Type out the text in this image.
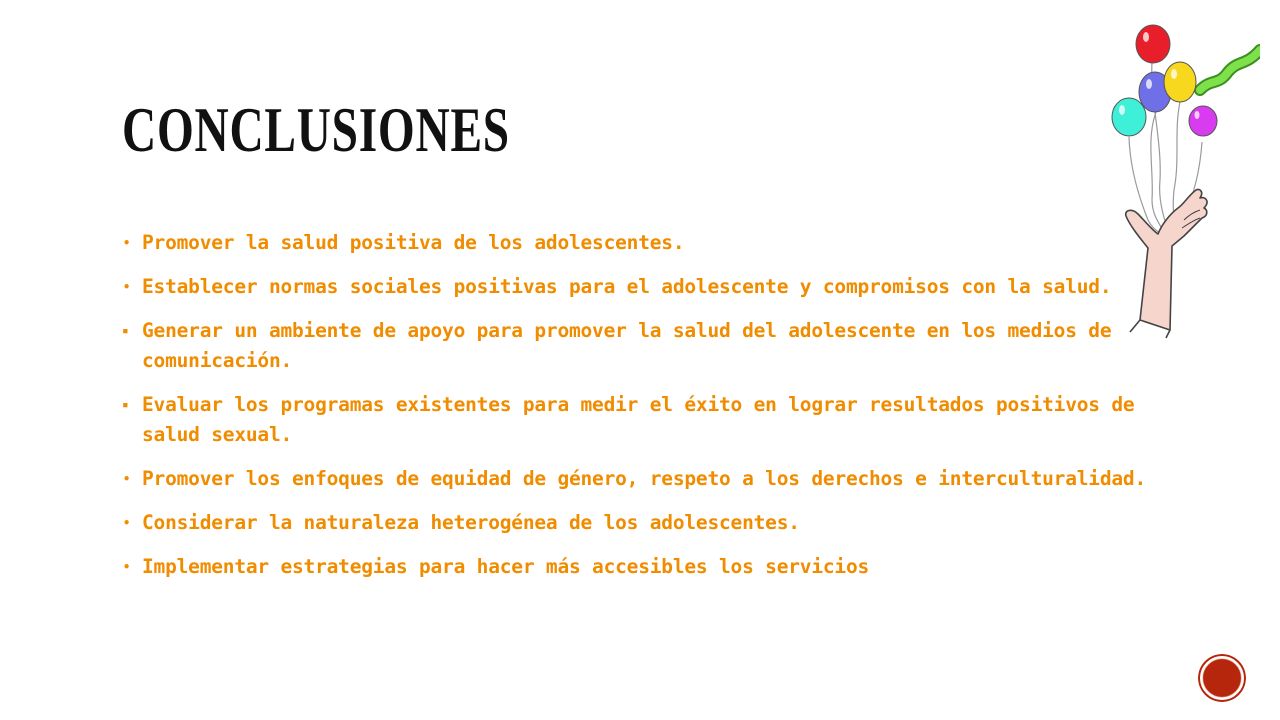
CONCLUSIONES
• Promover la salud positiva de los adolescentes.
• Establecer normas sociales positivas para el adolescente y compromisos con la salud.
▪ Generar un ambiente de apoyo para promover la salud del adolescente en los medios de comunicación.
▪ Evaluar los programas existentes para medir el éxito en lograr resultados positivos de salud sexual.
• Promover los enfoques de equidad de género, respeto a los derechos e interculturalidad.
• Considerar la naturaleza heterogénea de los adolescentes.
• Implementar estrategias para hacer más accesibles los servicios
